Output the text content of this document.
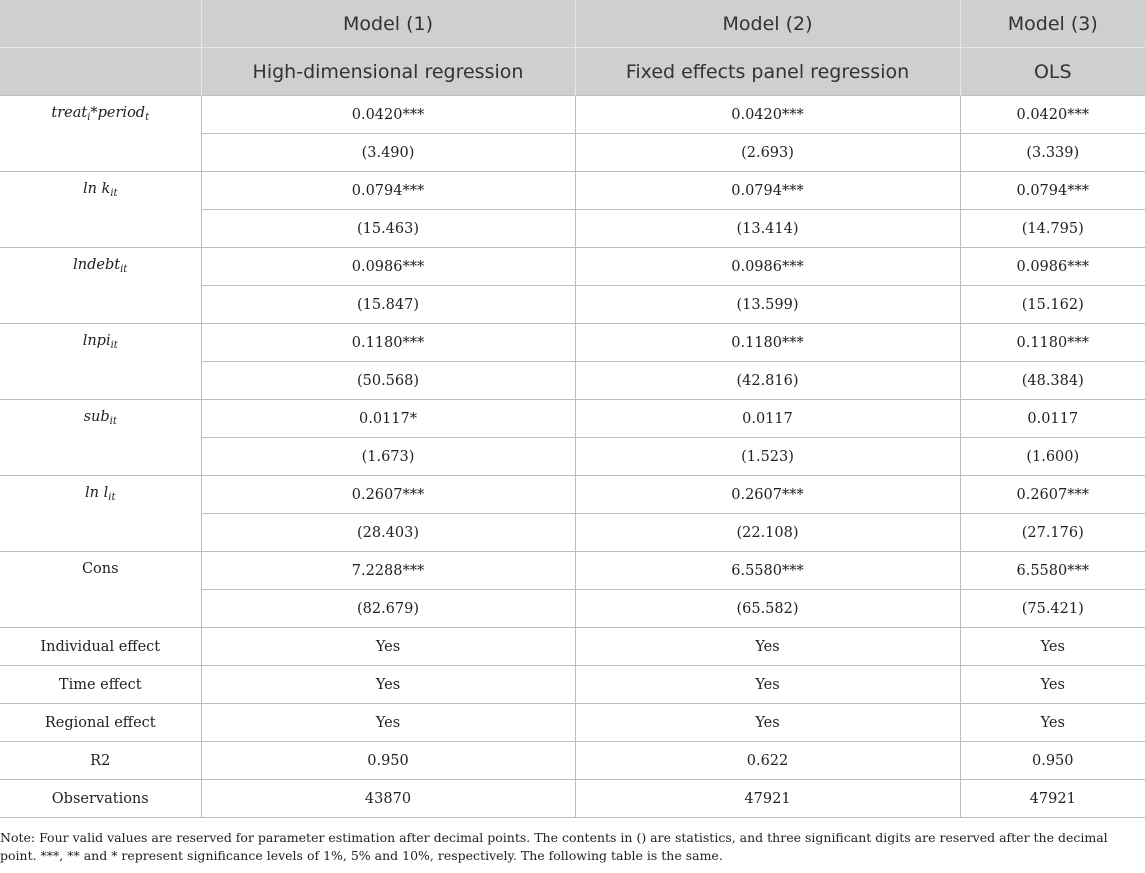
	Model (1)	Model (2)	Model (3)
	High-dimensional regression	Fixed effects panel regression	OLS
treat$_i$*period$_t$	0.0420***	0.0420***	0.0420***
	(3.490)	(2.693)	(3.339)
$\ln k_{it}$	0.0794***	0.0794***	0.0794***
	(15.463)	(13.414)	(14.795)
lndebt$_{it}$	0.0986***	0.0986***	0.0986***
	(15.847)	(13.599)	(15.162)
lnpi$_{it}$	0.1180***	0.1180***	0.1180***
	(50.568)	(42.816)	(48.384)
sub$_{it}$	0.0117*	0.0117	0.0117
	(1.673)	(1.523)	(1.600)
$\ln l_{it}$	0.2607***	0.2607***	0.2607***
	(28.403)	(22.108)	(27.176)
Cons	7.2288***	6.5580***	6.5580***
	(82.679)	(65.582)	(75.421)
Individual effect	Yes	Yes	Yes
Time effect	Yes	Yes	Yes
Regional effect	Yes	Yes	Yes
R2	0.950	0.622	0.950
Observations	43870	47921	47921
Note: Four valid values are reserved for parameter estimation after decimal points. The contents in () are statistics, and three significant digits are reserved after the decimal point. ***, ** and * represent significance levels of 1%, 5% and 10%, respectively. The following table is the same.
